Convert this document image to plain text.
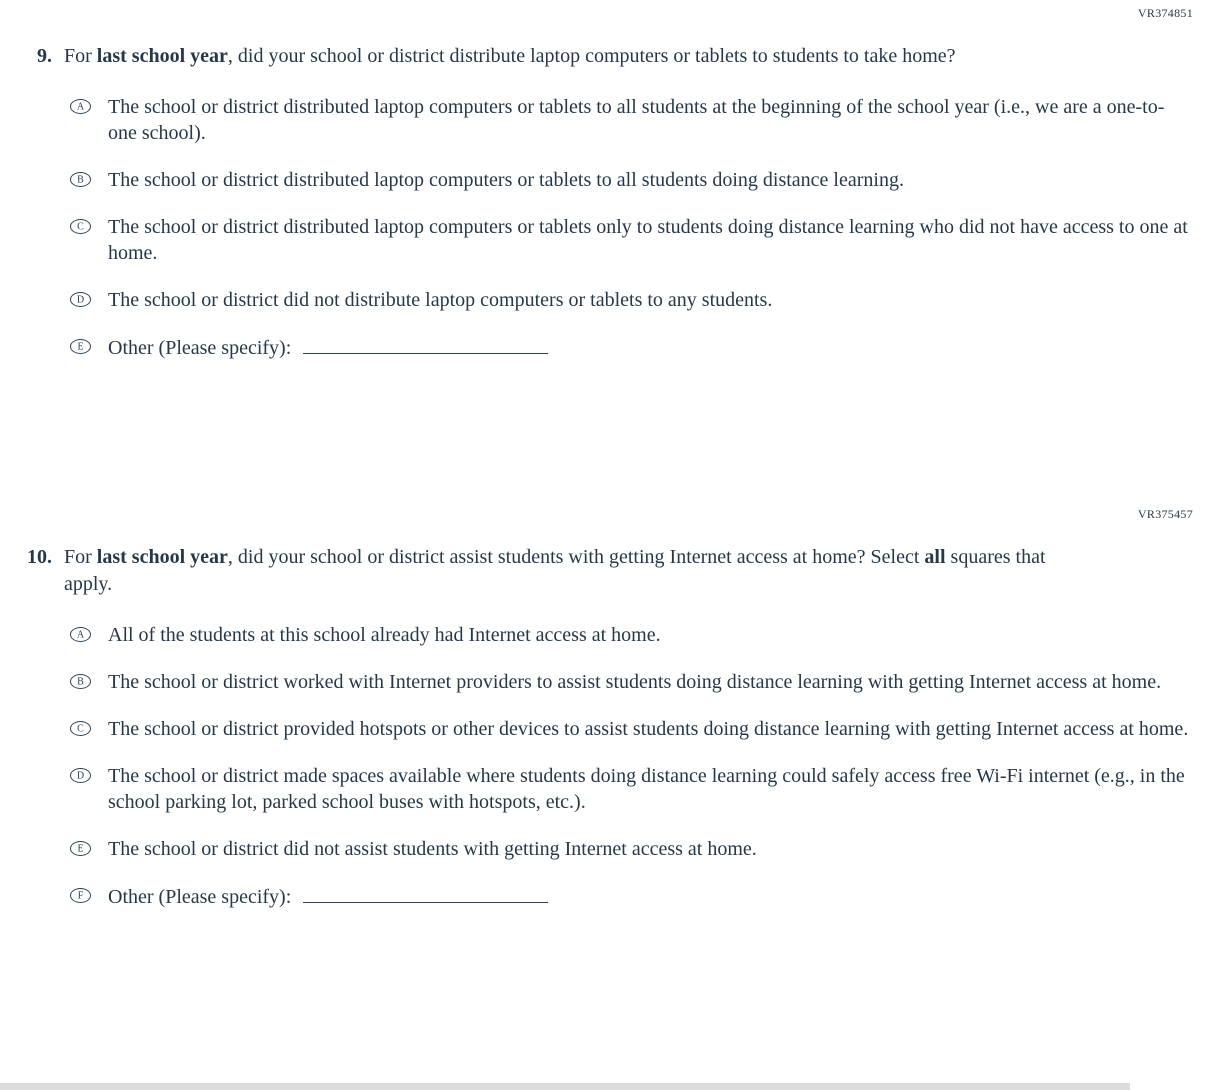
VR374851
9. For last school year, did your school or district distribute laptop computers or tablets to students to take home?
A The school or district distributed laptop computers or tablets to all students at the beginning of the school year (i.e., we are a one-to-one school).
B The school or district distributed laptop computers or tablets to all students doing distance learning.
C The school or district distributed laptop computers or tablets only to students doing distance learning who did not have access to one at home.
D The school or district did not distribute laptop computers or tablets to any students.
E Other (Please specify):
VR375457
10. For last school year, did your school or district assist students with getting Internet access at home? Select all squares that apply.
A All of the students at this school already had Internet access at home.
B The school or district worked with Internet providers to assist students doing distance learning with getting Internet access at home.
C The school or district provided hotspots or other devices to assist students doing distance learning with getting Internet access at home.
D The school or district made spaces available where students doing distance learning could safely access free Wi-Fi internet (e.g., in the school parking lot, parked school buses with hotspots, etc.).
E The school or district did not assist students with getting Internet access at home.
F Other (Please specify):
